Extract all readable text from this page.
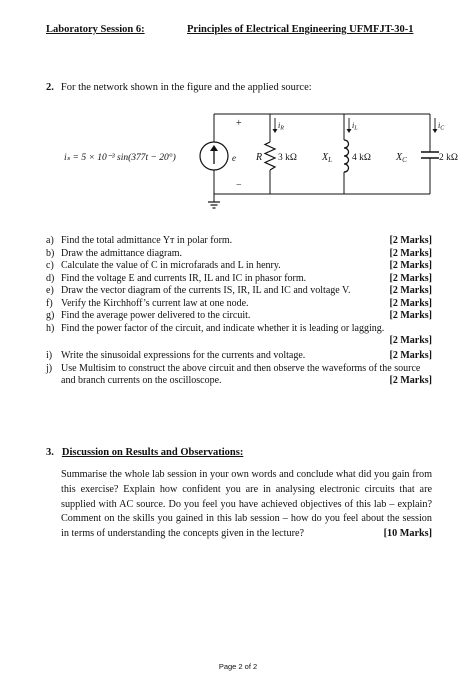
Laboratory Session 6:	Principles of Electrical Engineering UFMFJT-30-1
2. For the network shown in the figure and the applied source:
+
−
e
iₛ = 5 × 10⁻³ sin(377t − 20°)	R 3 kΩ	$X_L$ 4 kΩ	$X_C$	2 kΩ
iR	iL	iC
a) Find the total admittance Yᴛ in polar form.	[2 Marks]
b) Draw the admittance diagram.	[2 Marks]
c) Calculate the value of C in microfarads and L in henry.	[2 Marks]
d) Find the voltage E and currents IR, IL and IC in phasor form.	[2 Marks]
e) Draw the vector diagram of the currents IS, IR, IL and IC and voltage V.	[2 Marks]
f) Verify the Kirchhoff’s current law at one node.	[2 Marks]
g) Find the average power delivered to the circuit.	[2 Marks]
h) Find the power factor of the circuit, and indicate whether it is leading or lagging.
[2 Marks]
i) Write the sinusoidal expressions for the currents and voltage.	[2 Marks]
j) Use Multisim to construct the above circuit and then observe the waveforms of the source and branch currents on the oscilloscope.	[2 Marks]
3. Discussion on Results and Observations:
Summarise the whole lab session in your own words and conclude what did you gain from this exercise? Explain how confident you are in analysing electronic circuits that are supplied with AC source. Do you feel you have achieved objectives of this lab – explain? Comment on the skills you gained in this lab session – how do you feel about the session in terms of understanding the concepts given in the lecture?	[10 Marks]
Page 2 of 2
